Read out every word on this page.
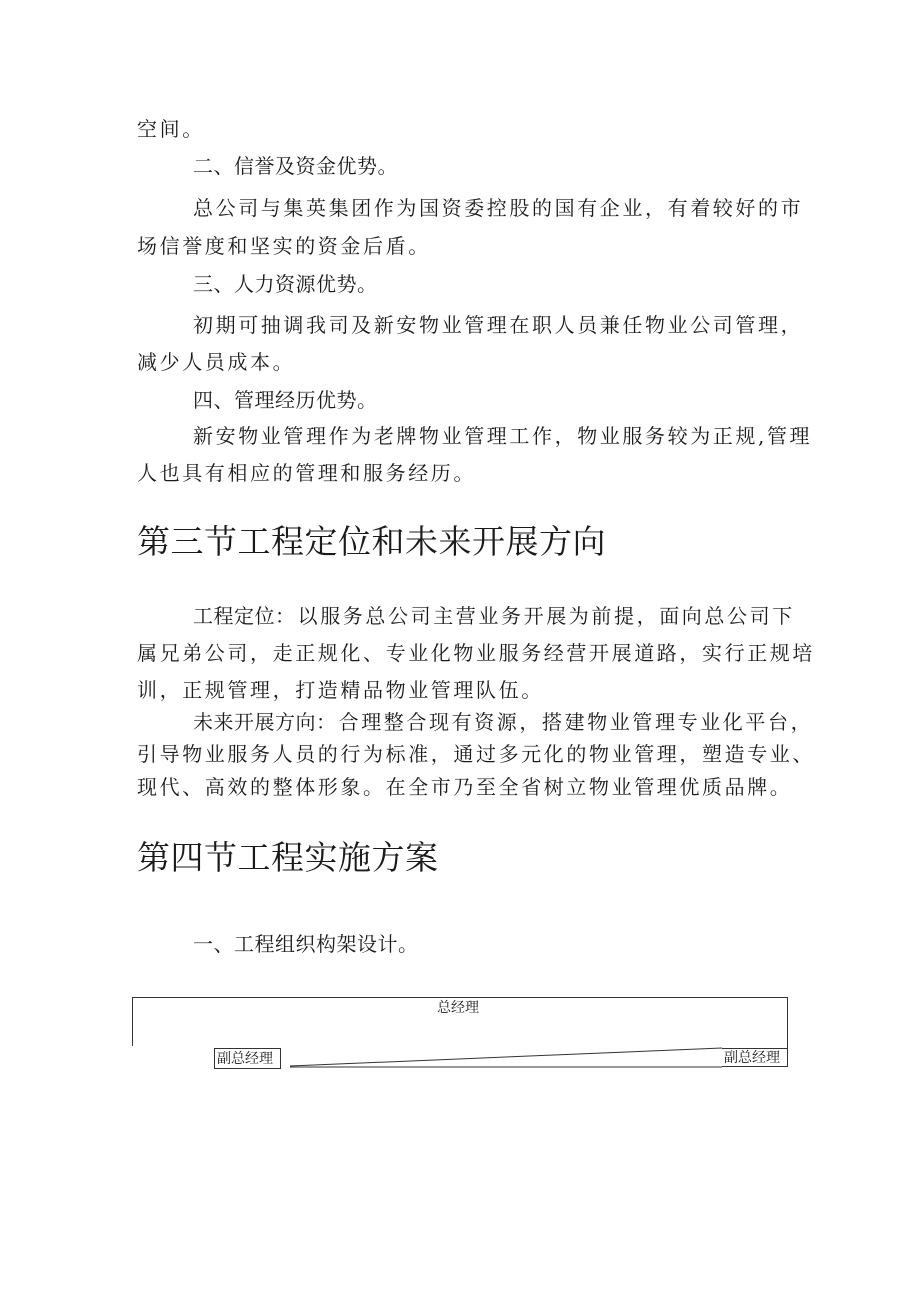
空间。

二、信誉及资金优势。

总公司与集英集团作为国资委控股的国有企业，有着较好的市

场信誉度和坚实的资金后盾。

三、人力资源优势。

初期可抽调我司及新安物业管理在职人员兼任物业公司管理，

减少人员成本。

四、管理经历优势。

新安物业管理作为老牌物业管理工作，物业服务较为正规,管理

人也具有相应的管理和服务经历。

第三节工程定位和未来开展方向

工程定位：以服务总公司主营业务开展为前提，面向总公司下

属兄弟公司，走正规化、专业化物业服务经营开展道路，实行正规培

训，正规管理，打造精品物业管理队伍。

未来开展方向：合理整合现有资源，搭建物业管理专业化平台，

引导物业服务人员的行为标准，通过多元化的物业管理，塑造专业、

现代、高效的整体形象。在全市乃至全省树立物业管理优质品牌。

第四节工程实施方案

一、工程组织构架设计。

总经理
副总经理	副总经理
